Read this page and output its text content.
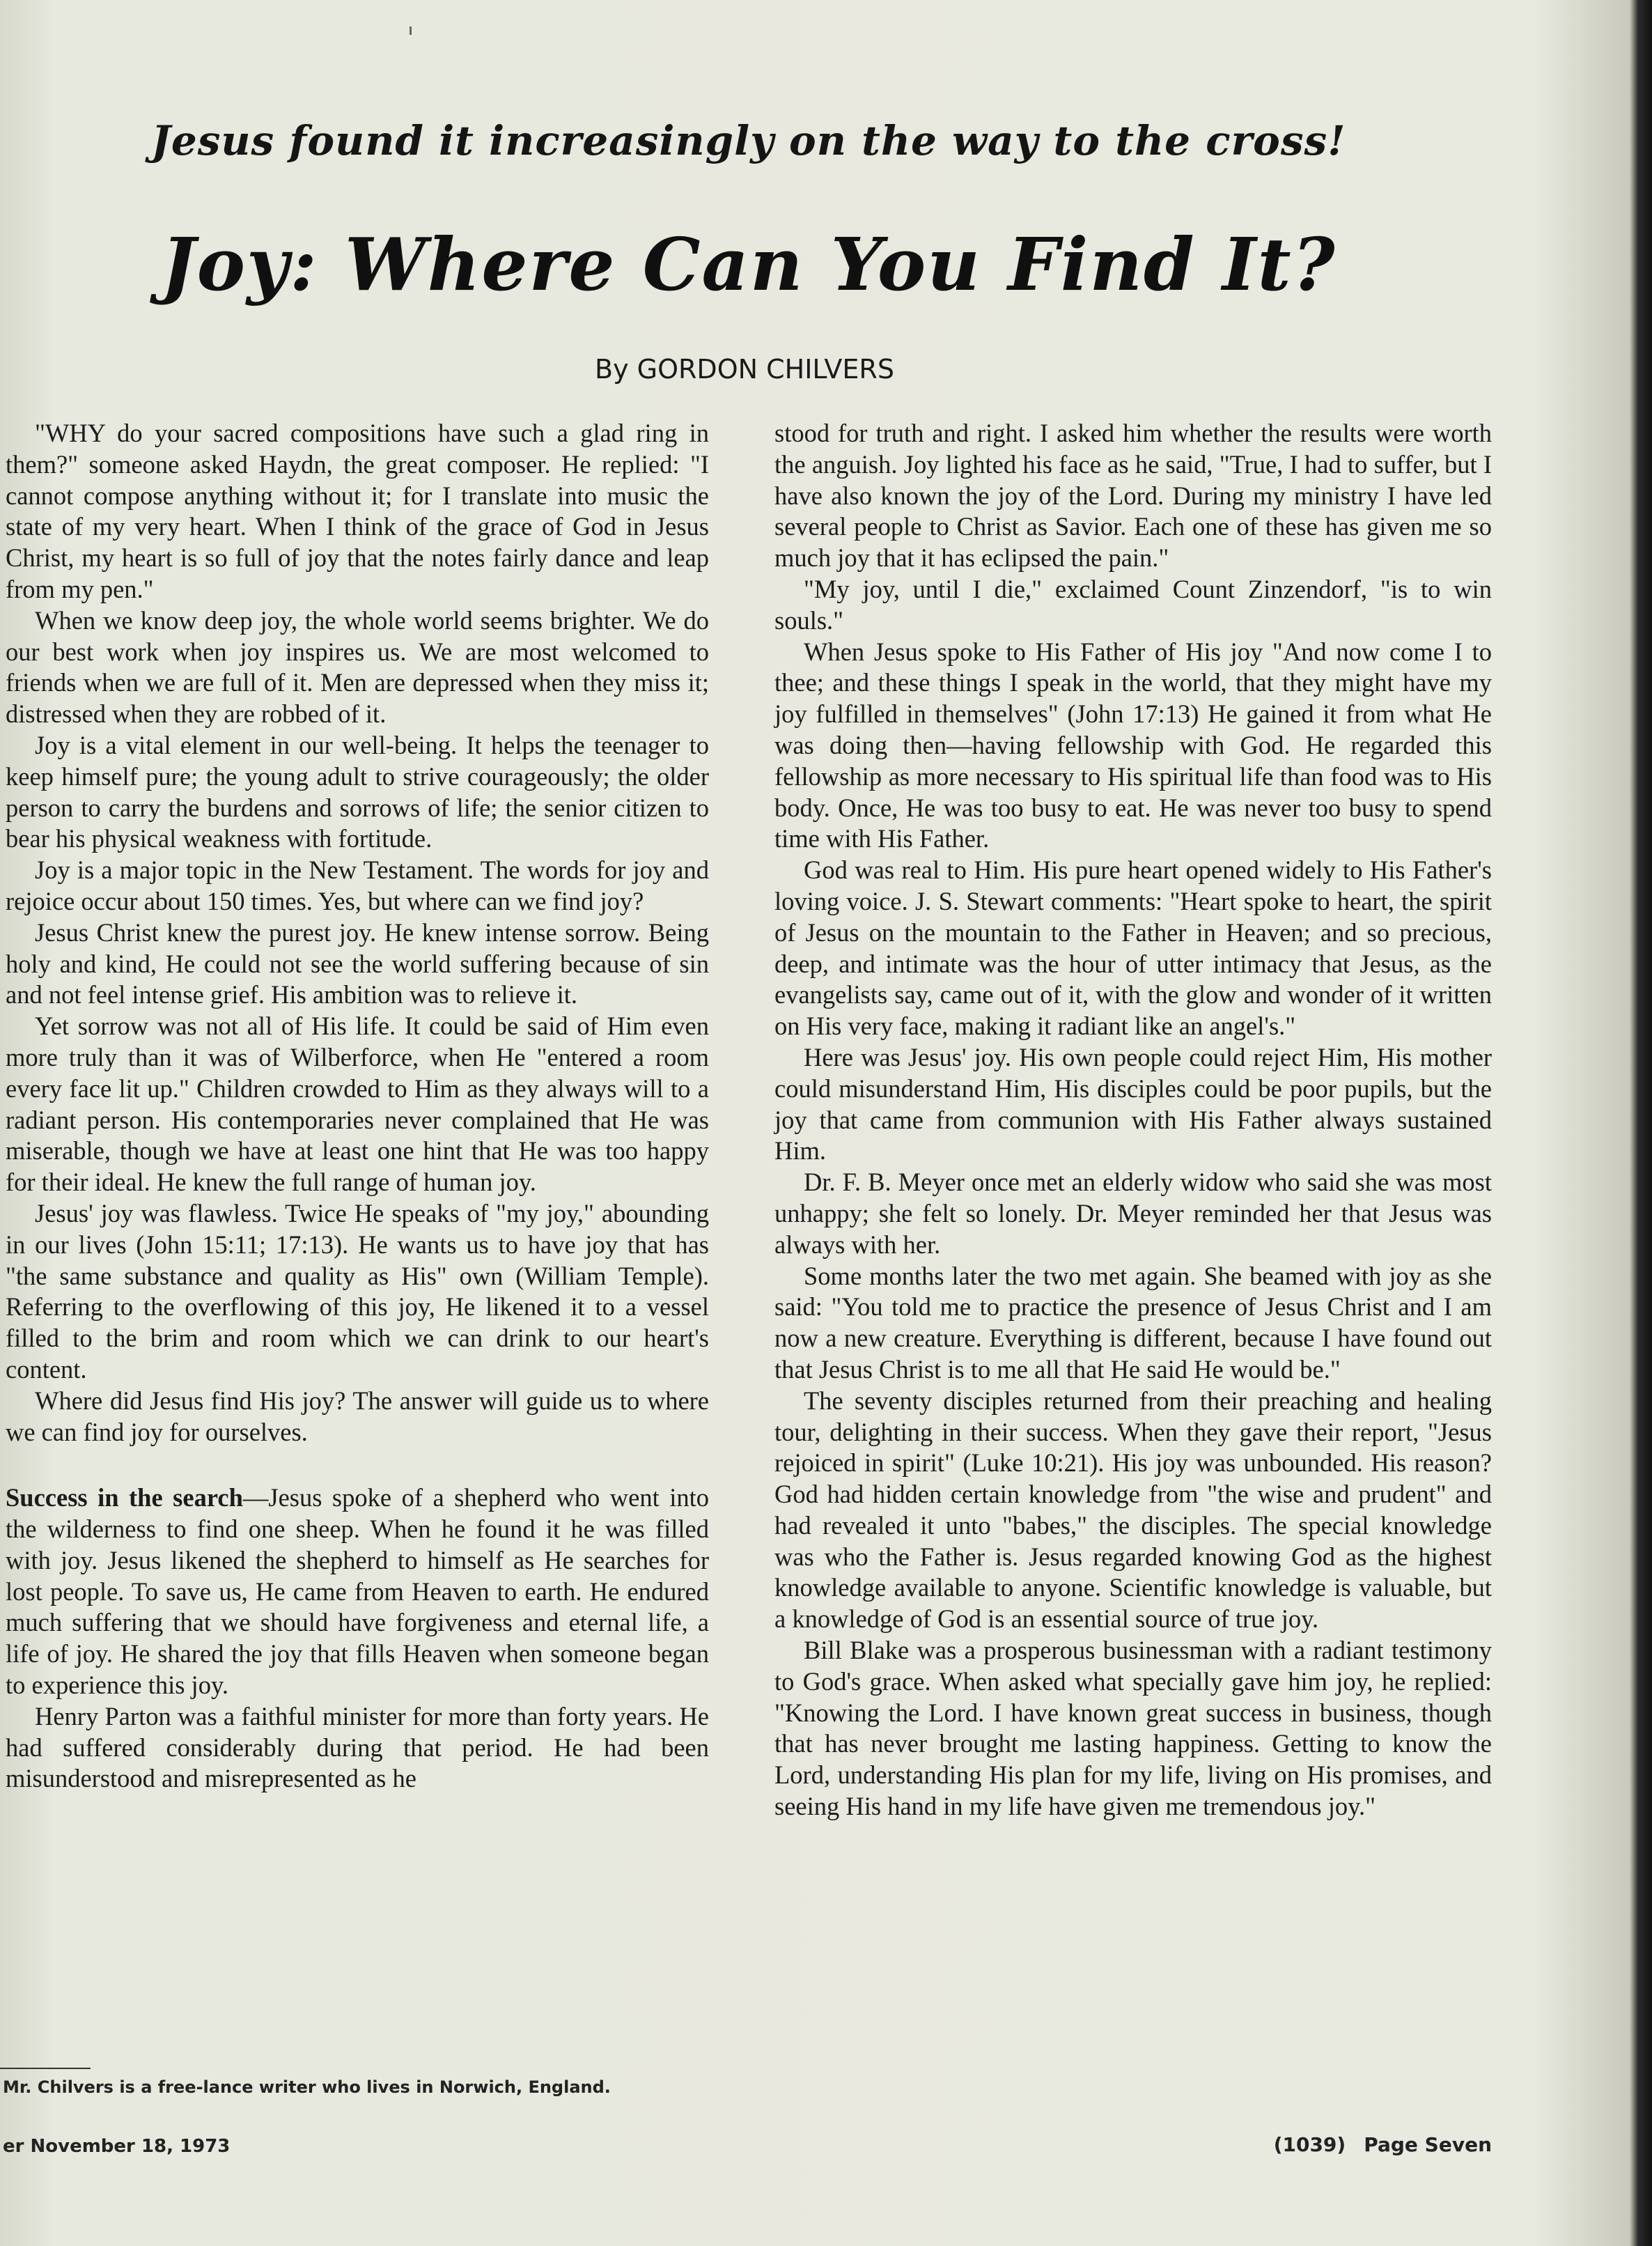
Jesus found it increasingly on the way to the cross!
Joy: Where Can You Find It?
By GORDON CHILVERS

"WHY do your sacred compositions have such a glad ring in them?" someone asked Haydn, the great composer. He replied: "I cannot compose anything without it; for I translate into music the state of my very heart. When I think of the grace of God in Jesus Christ, my heart is so full of joy that the notes fairly dance and leap from my pen."

When we know deep joy, the whole world seems brighter. We do our best work when joy inspires us. We are most welcomed to friends when we are full of it. Men are depressed when they miss it; distressed when they are robbed of it.

Joy is a vital element in our well-being. It helps the teenager to keep himself pure; the young adult to strive courageously; the older person to carry the burdens and sorrows of life; the senior citizen to bear his physical weakness with fortitude.

Joy is a major topic in the New Testament. The words for joy and rejoice occur about 150 times. Yes, but where can we find joy?

Jesus Christ knew the purest joy. He knew intense sorrow. Being holy and kind, He could not see the world suffering because of sin and not feel intense grief. His ambition was to relieve it.

Yet sorrow was not all of His life. It could be said of Him even more truly than it was of Wilberforce, when He "entered a room every face lit up." Children crowded to Him as they always will to a radiant person. His contemporaries never complained that He was miserable, though we have at least one hint that He was too happy for their ideal. He knew the full range of human joy.

Jesus' joy was flawless. Twice He speaks of "my joy," abounding in our lives (John 15:11; 17:13). He wants us to have joy that has "the same substance and quality as His" own (William Temple). Referring to the overflowing of this joy, He likened it to a vessel filled to the brim and room which we can drink to our heart's content.

Where did Jesus find His joy? The answer will guide us to where we can find joy for ourselves.

Success in the search—Jesus spoke of a shepherd who went into the wilderness to find one sheep. When he found it he was filled with joy. Jesus likened the shepherd to himself as He searches for lost people. To save us, He came from Heaven to earth. He endured much suffering that we should have forgiveness and eternal life, a life of joy. He shared the joy that fills Heaven when someone began to experience this joy.

Henry Parton was a faithful minister for more than forty years. He had suffered considerably during that period. He had been misunderstood and misrepresented as he

stood for truth and right. I asked him whether the results were worth the anguish. Joy lighted his face as he said, "True, I had to suffer, but I have also known the joy of the Lord. During my ministry I have led several people to Christ as Savior. Each one of these has given me so much joy that it has eclipsed the pain."

"My joy, until I die," exclaimed Count Zinzendorf, "is to win souls."

When Jesus spoke to His Father of His joy "And now come I to thee; and these things I speak in the world, that they might have my joy fulfilled in themselves" (John 17:13) He gained it from what He was doing then—having fellowship with God. He regarded this fellowship as more necessary to His spiritual life than food was to His body. Once, He was too busy to eat. He was never too busy to spend time with His Father.

God was real to Him. His pure heart opened widely to His Father's loving voice. J. S. Stewart comments: "Heart spoke to heart, the spirit of Jesus on the mountain to the Father in Heaven; and so precious, deep, and intimate was the hour of utter intimacy that Jesus, as the evangelists say, came out of it, with the glow and wonder of it written on His very face, making it radiant like an angel's."

Here was Jesus' joy. His own people could reject Him, His mother could misunderstand Him, His disciples could be poor pupils, but the joy that came from communion with His Father always sustained Him.

Dr. F. B. Meyer once met an elderly widow who said she was most unhappy; she felt so lonely. Dr. Meyer reminded her that Jesus was always with her.

Some months later the two met again. She beamed with joy as she said: "You told me to practice the presence of Jesus Christ and I am now a new creature. Everything is different, because I have found out that Jesus Christ is to me all that He said He would be."

The seventy disciples returned from their preaching and healing tour, delighting in their success. When they gave their report, "Jesus rejoiced in spirit" (Luke 10:21). His joy was unbounded. His reason? God had hidden certain knowledge from "the wise and prudent" and had revealed it unto "babes," the disciples. The special knowledge was who the Father is. Jesus regarded knowing God as the highest knowledge available to anyone. Scientific knowledge is valuable, but a knowledge of God is an essential source of true joy.

Bill Blake was a prosperous businessman with a radiant testimony to God's grace. When asked what specially gave him joy, he replied: "Knowing the Lord. I have known great success in business, though that has never brought me lasting happiness. Getting to know the Lord, understanding His plan for my life, living on His promises, and seeing His hand in my life have given me tremendous joy."

Mr. Chilvers is a free-lance writer who lives in Norwich, England.
er November 18, 1973	(1039) Page Seven
